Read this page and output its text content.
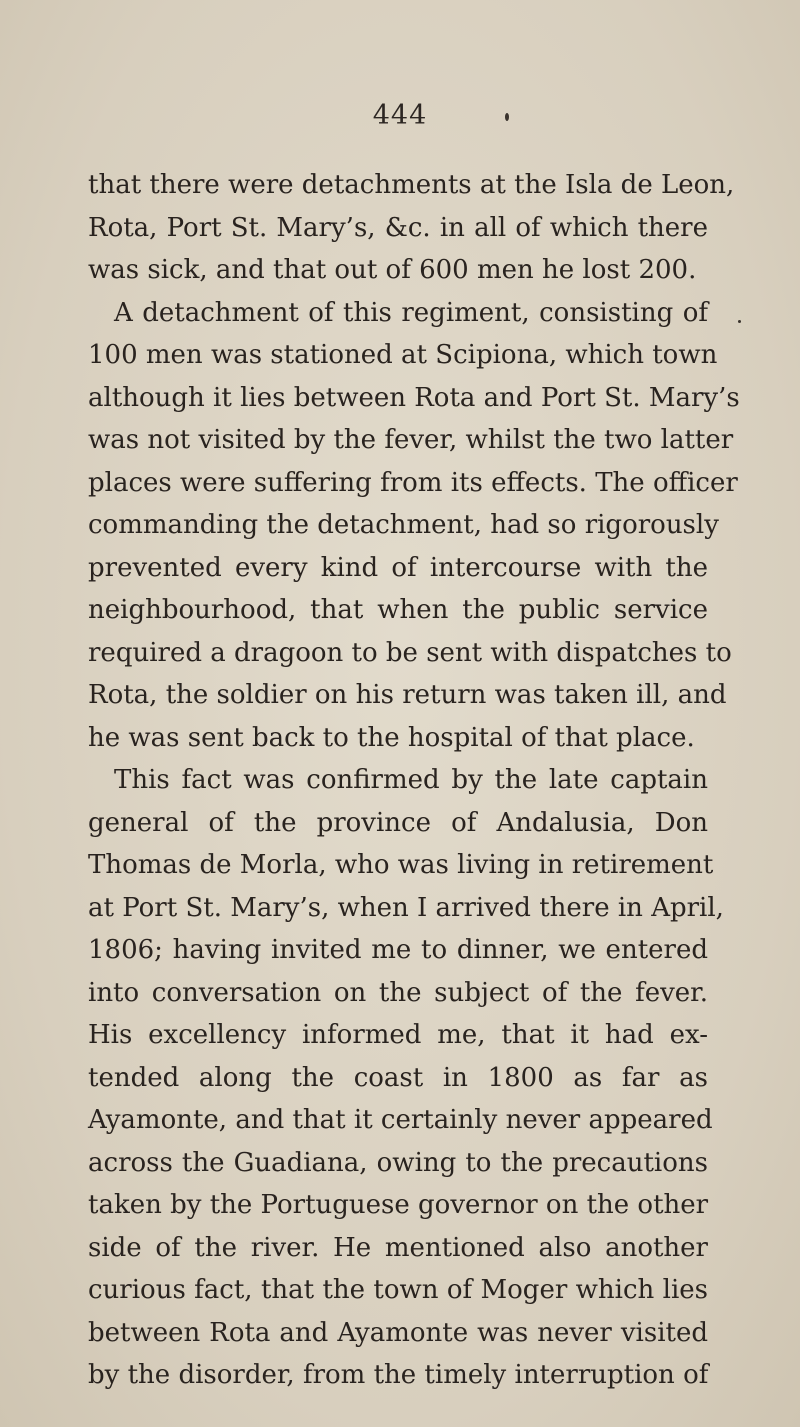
444
that there were detachments at the Isla de Leon,
Rota, Port St. Mary’s, &c. in all of which there
was sick, and that out of 600 men he lost 200.
A detachment of this regiment, consisting of
100 men was stationed at Scipiona, which town
although it lies between Rota and Port St. Mary’s
was not visited by the fever, whilst the two latter
places were suffering from its effects. The officer
commanding the detachment, had so rigorously
prevented every kind of intercourse with the
neighbourhood, that when the public service
required a dragoon to be sent with dispatches to
Rota, the soldier on his return was taken ill, and
he was sent back to the hospital of that place.
This fact was confirmed by the late captain
general of the province of Andalusia, Don
Thomas de Morla, who was living in retirement
at Port St. Mary’s, when I arrived there in April,
1806; having invited me to dinner, we entered
into conversation on the subject of the fever.
His excellency informed me, that it had ex-
tended along the coast in 1800 as far as
Ayamonte, and that it certainly never appeared
across the Guadiana, owing to the precautions
taken by the Portuguese governor on the other
side of the river. He mentioned also another
curious fact, that the town of Moger which lies
between Rota and Ayamonte was never visited
by the disorder, from the timely interruption of
